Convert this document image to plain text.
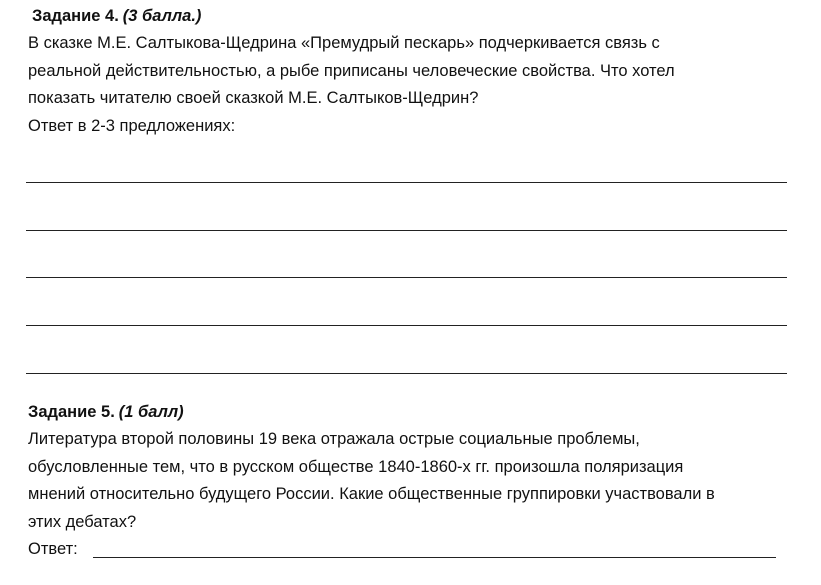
Задание 4. (3 балла.)
В сказке М.Е. Салтыкова-Щедрина «Премудрый пескарь» подчеркивается связь с
реальной действительностью, а рыбе приписаны человеческие свойства. Что хотел
показать читателю своей сказкой М.Е. Салтыков-Щедрин?
Ответ в 2-3 предложениях:
Задание 5. (1 балл)
Литература второй половины 19 века отражала острые социальные проблемы,
обусловленные тем, что в русском обществе 1840-1860-х гг. произошла поляризация
мнений относительно будущего России. Какие общественные группировки участвовали в
этих дебатах?
Ответ:
